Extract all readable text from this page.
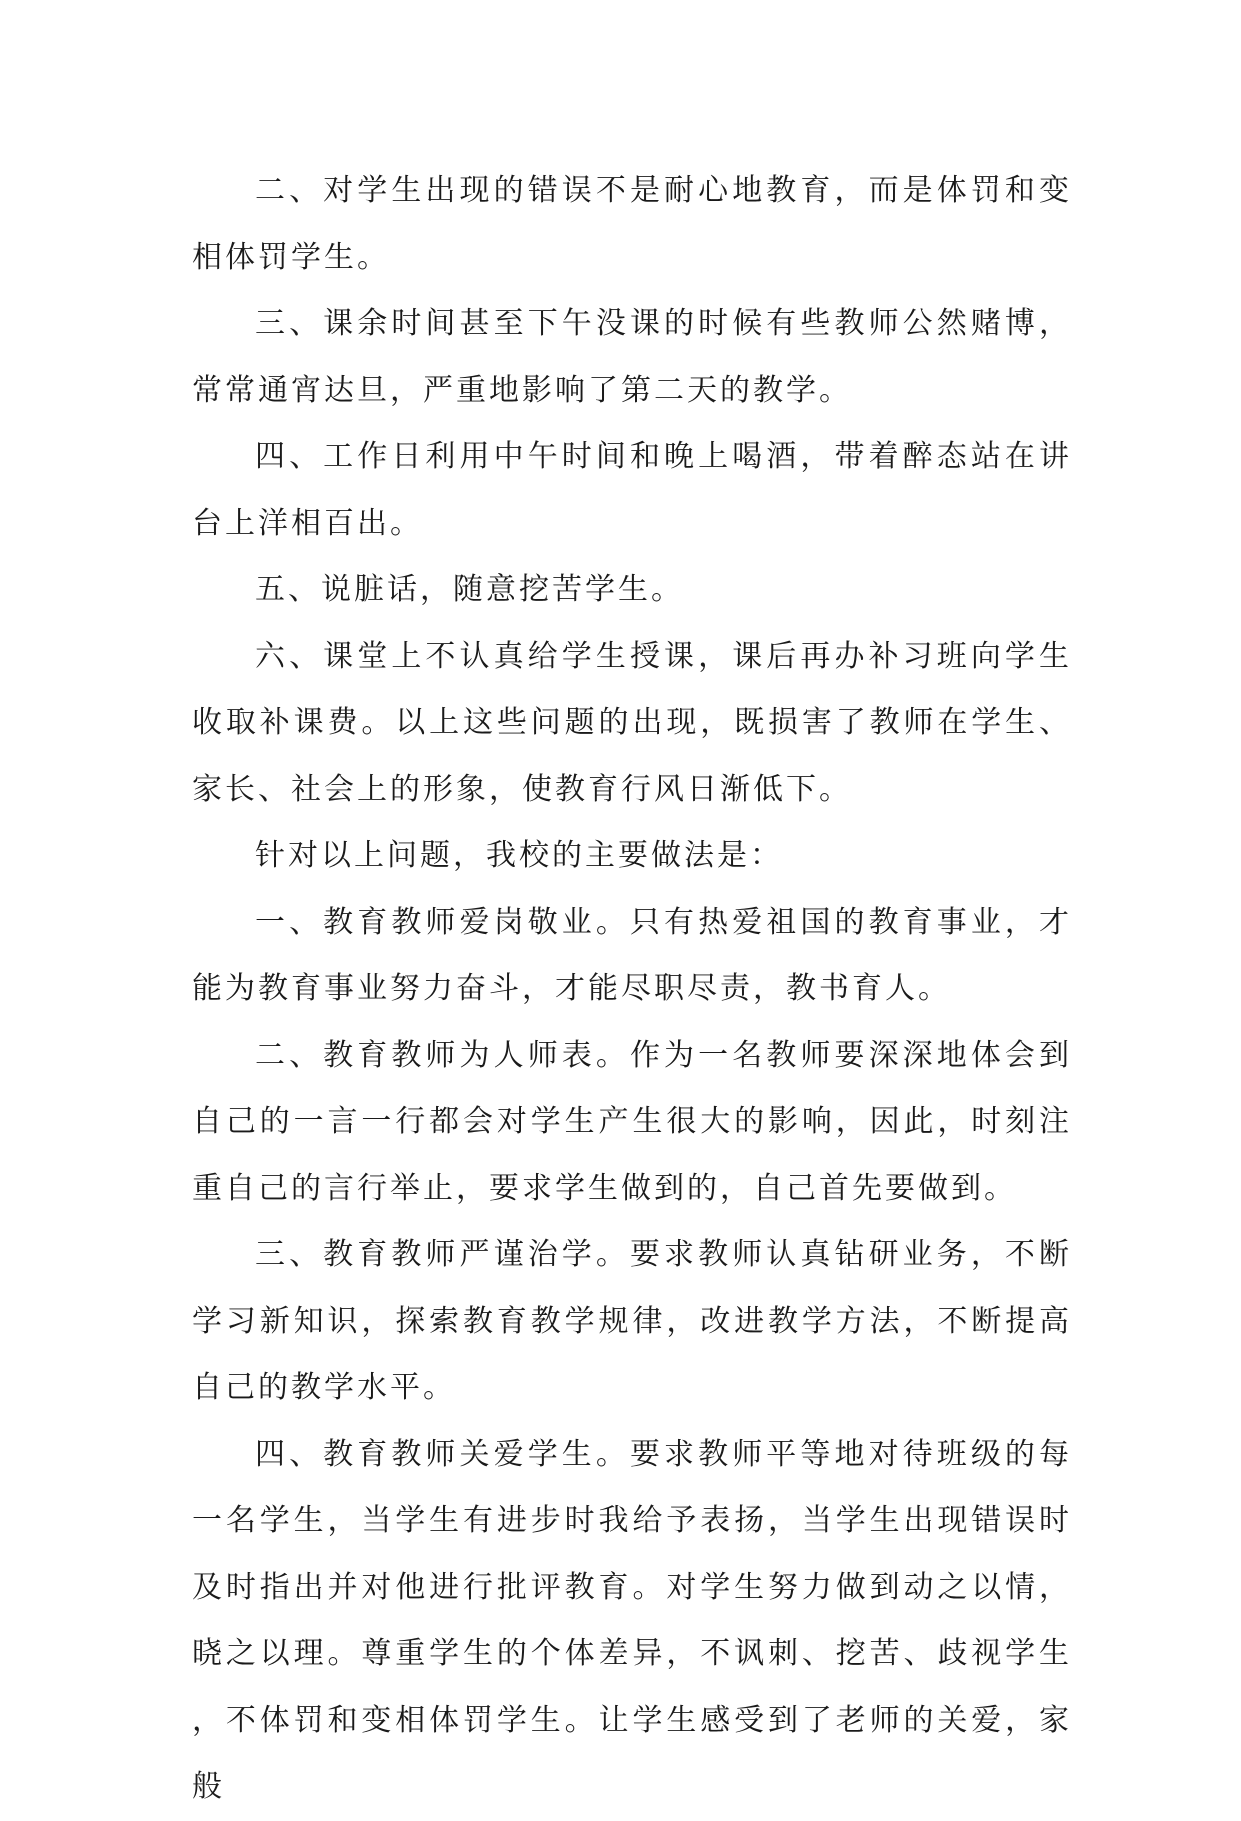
二、对学生出现的错误不是耐心地教育，而是体罚和变相体罚学生。

三、课余时间甚至下午没课的时候有些教师公然赌博，常常通宵达旦，严重地影响了第二天的教学。

四、工作日利用中午时间和晚上喝酒，带着醉态站在讲台上洋相百出。

五、说脏话，随意挖苦学生。

六、课堂上不认真给学生授课，课后再办补习班向学生收取补课费。以上这些问题的出现，既损害了教师在学生、家长、社会上的形象，使教育行风日渐低下。

针对以上问题，我校的主要做法是：

一、教育教师爱岗敬业。只有热爱祖国的教育事业，才能为教育事业努力奋斗，才能尽职尽责，教书育人。

二、教育教师为人师表。作为一名教师要深深地体会到自己的一言一行都会对学生产生很大的影响，因此，时刻注重自己的言行举止，要求学生做到的，自己首先要做到。

三、教育教师严谨治学。要求教师认真钻研业务，不断学习新知识，探索教育教学规律，改进教学方法，不断提高自己的教学水平。

四、教育教师关爱学生。要求教师平等地对待班级的每一名学生，当学生有进步时我给予表扬，当学生出现错误时及时指出并对他进行批评教育。对学生努力做到动之以情，晓之以理。尊重学生的个体差异，不讽刺、挖苦、歧视学生，不体罚和变相体罚学生。让学生感受到了老师的关爱，家般
